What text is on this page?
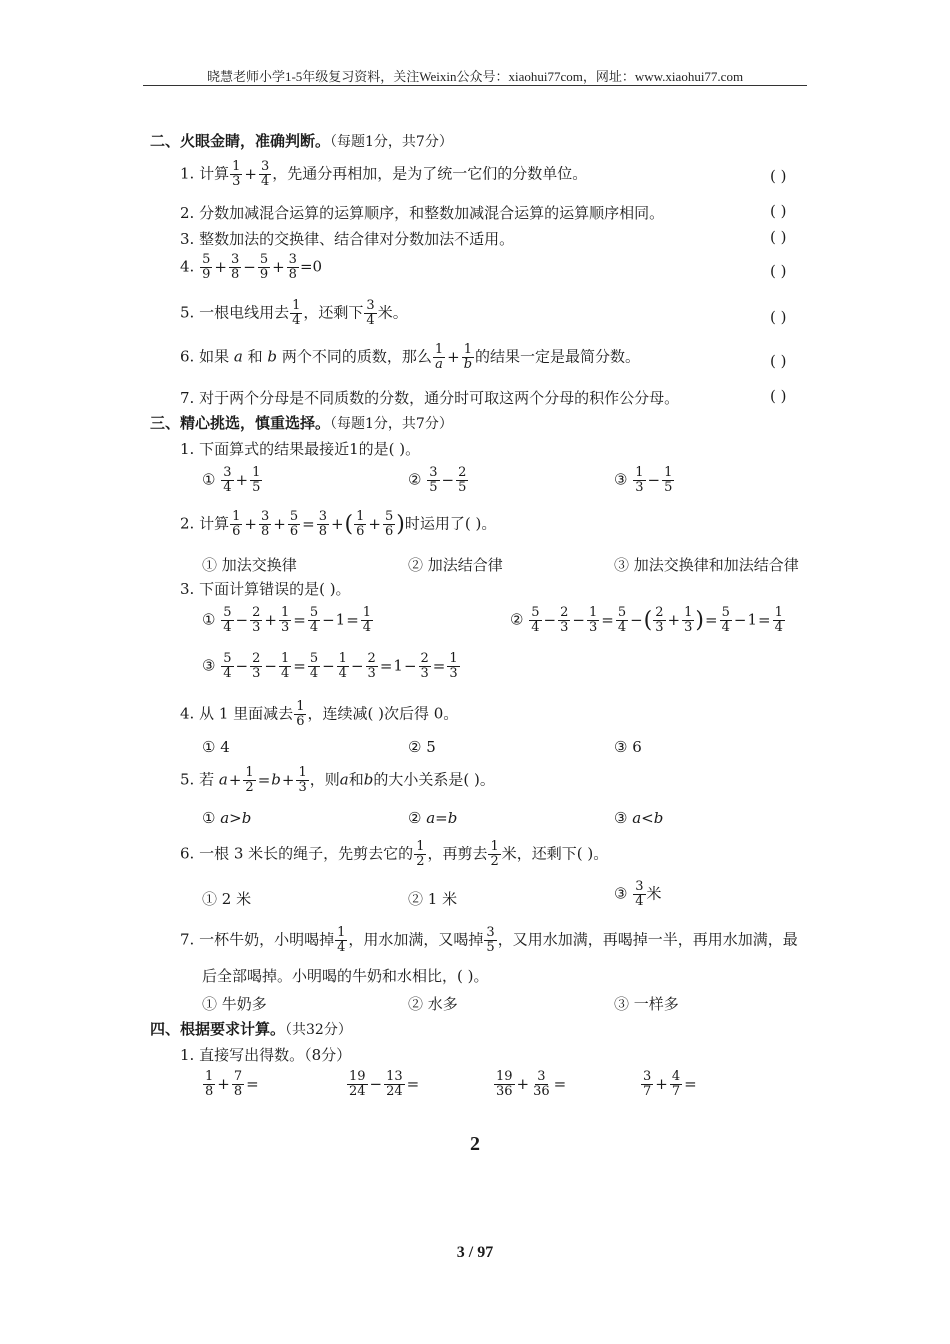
晓慧老师小学1-5年级复习资料，关注Weixin公众号：xiaohui77com，网址：www.xiaohui77.com
二、火眼金睛，准确判断。（每题1分，共7分）
1. 计算 $\frac{1}{3} + \frac{3}{4}$ ，先通分再相加，是为了统一它们的分数单位。	( )
2. 分数加减混合运算的运算顺序，和整数加减混合运算的运算顺序相同。	( )
3. 整数加法的交换律、结合律对分数加法不适用。	( )
4. $\frac{5}{9} + \frac{3}{8} - \frac{5}{9} + \frac{3}{8} =0$	( )
5. 一根电线用去 $\frac{1}{4}$ ，还剩下 $\frac{3}{4}$ 米。	( )
6. 如果 a 和 b 两个不同的质数，那么 $\frac{1}{a} + \frac{1}{b}$ 的结果一定是最简分数。	( )
7. 对于两个分母是不同质数的分数，通分时可取这两个分母的积作公分母。	( )
三、精心挑选，慎重选择。（每题1分，共7分）
1. 下面算式的结果最接近1的是( )。
① $\frac{3}{4} + \frac{1}{5}$	② $\frac{3}{5} - \frac{2}{5}$	③ $\frac{1}{3} - \frac{1}{5}$
2. 计算 $\frac{1}{6} + \frac{3}{8} + \frac{5}{6} = \frac{3}{8}$ +( $\frac{1}{6} + \frac{5}{6}$ )时运用了( )。
① 加法交换律	② 加法结合律	③ 加法交换律和加法结合律
3. 下面计算错误的是( )。
① $\frac{5}{4} - \frac{2}{3} + \frac{1}{3} = \frac{5}{4} -1= \frac{1}{4}$	② $\frac{5}{4} - \frac{2}{3} - \frac{1}{3} = \frac{5}{4}$ −( $\frac{2}{3} + \frac{1}{3}$ )= $\frac{5}{4} -1= \frac{1}{4}$
③ $\frac{5}{4} - \frac{2}{3} - \frac{1}{4} = \frac{5}{4} - \frac{1}{4} - \frac{2}{3} =1- \frac{2}{3} = \frac{1}{3}$
4. 从 1 里面减去 $\frac{1}{6}$ ，连续减( )次后得 0。
① 4	② 5	③ 6
5. 若 $a+ \frac{1}{2} =b+ \frac{1}{3}$ ，则a和b的大小关系是( )。
① a>b	② a=b	③ a<b
6. 一根 3 米长的绳子，先剪去它的 $\frac{1}{2}$ ，再剪去 $\frac{1}{2}$ 米，还剩下( )。
① 2 米	② 1 米	③ $\frac{3}{4}$ 米
7. 一杯牛奶，小明喝掉 $\frac{1}{4}$ ，用水加满，又喝掉 $\frac{3}{5}$ ，又用水加满，再喝掉一半，再用水加满，最
后全部喝掉。小明喝的牛奶和水相比，( )。
① 牛奶多	② 水多	③ 一样多
四、根据要求计算。（共32分）
1. 直接写出得数。（8分）
$\frac{1}{8} + \frac{7}{8}$ =	$\frac{19}{24} - \frac{13}{24}$ =	$\frac{19}{36} + \frac{3}{36}$ =	$\frac{3}{7} + \frac{4}{7}$ =
2
3 / 97
